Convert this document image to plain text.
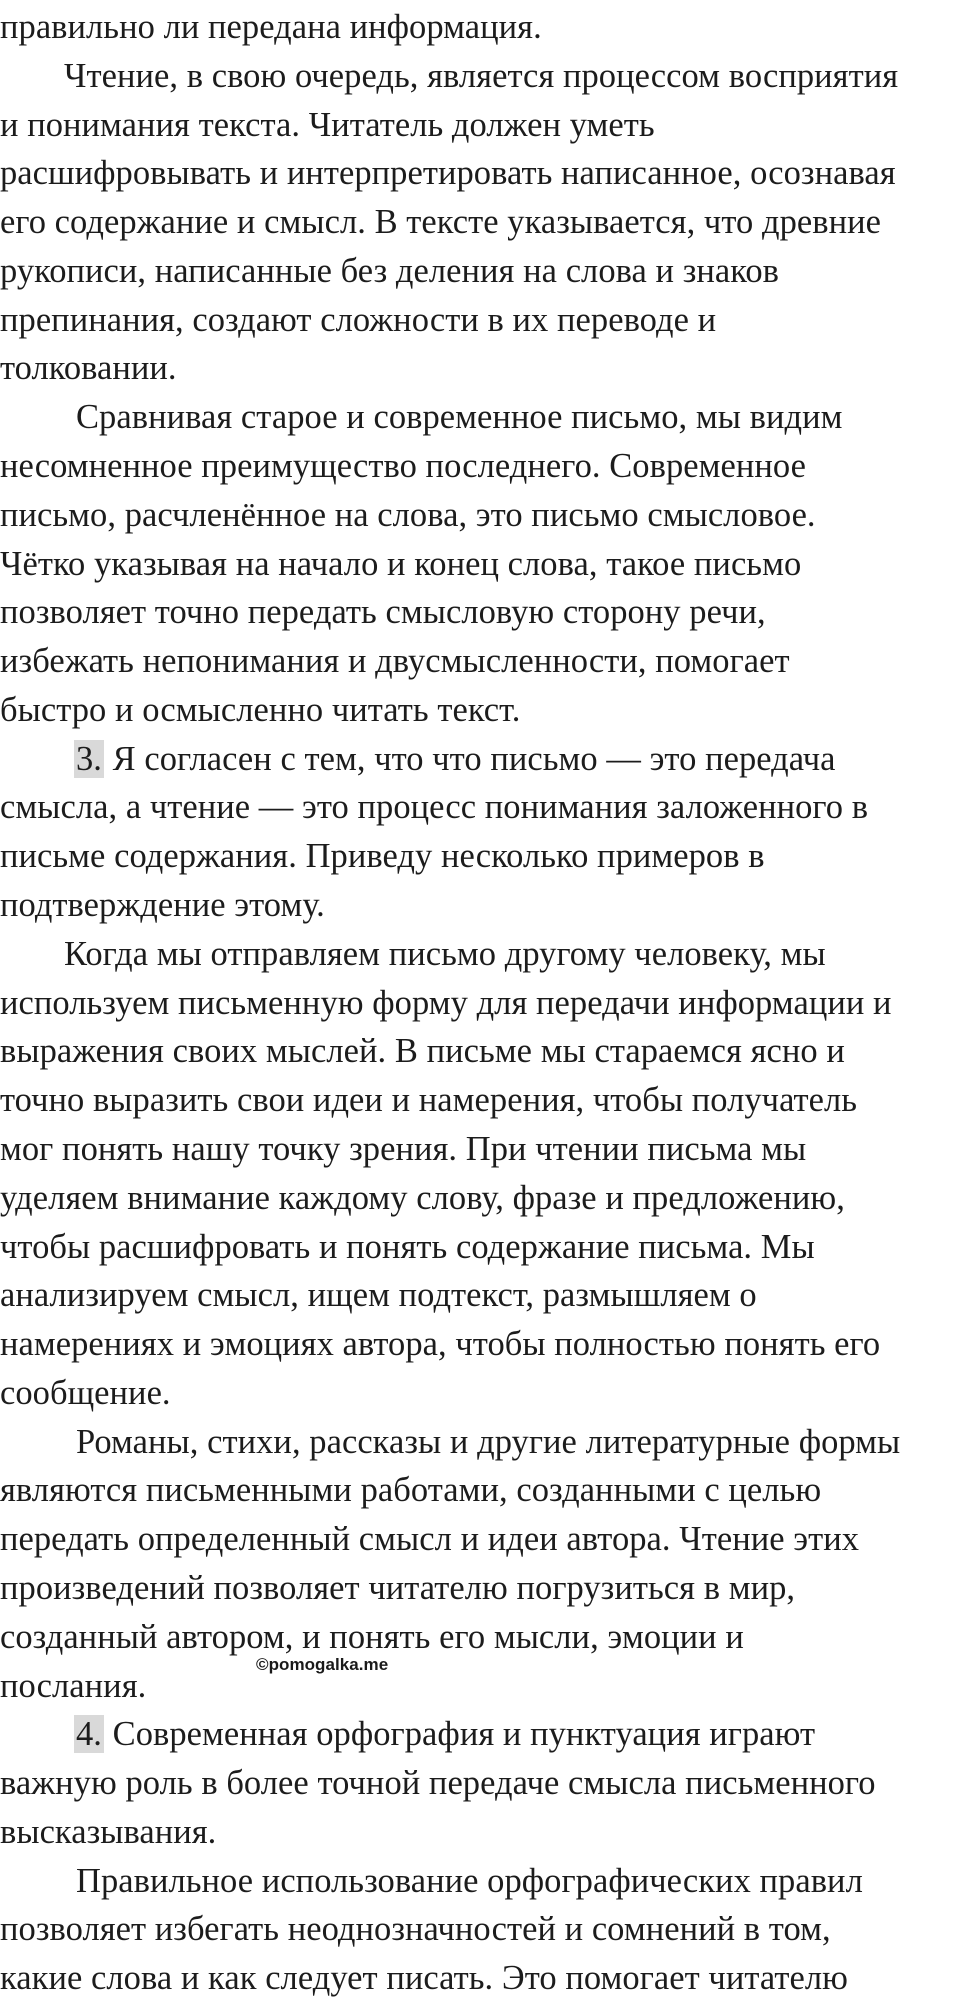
какие слова и как следует писать. Это помогает читателю
позволяет избегать неоднозначностей и сомнений в том,
Правильное использование орфографических правил
высказывания.
важную роль в более точной передаче смысла письменного
4. Современная орфография и пунктуация играют
послания.
созданный автором, и понять его мысли, эмоции и
произведений позволяет читателю погрузиться в мир,
передать определенный смысл и идеи автора. Чтение этих
являются письменными работами, созданными с целью
Романы, стихи, рассказы и другие литературные формы
сообщение.
намерениях и эмоциях автора, чтобы полностью понять его
анализируем смысл, ищем подтекст, размышляем о
чтобы расшифровать и понять содержание письма. Мы
уделяем внимание каждому слову, фразе и предложению,
мог понять нашу точку зрения. При чтении письма мы
точно выразить свои идеи и намерения, чтобы получатель
выражения своих мыслей. В письме мы стараемся ясно и
используем письменную форму для передачи информации и
Когда мы отправляем письмо другому человеку, мы
подтверждение этому.
письме содержания. Приведу несколько примеров в
смысла, а чтение — это процесс понимания заложенного в
3. Я согласен с тем, что что письмо — это передача
быстро и осмысленно читать текст.
избежать непонимания и двусмысленности, помогает
позволяет точно передать смысловую сторону речи,
Чётко указывая на начало и конец слова, такое письмо
письмо, расчленённое на слова, это письмо смысловое.
несомненное преимущество последнего. Современное
Сравнивая старое и современное письмо, мы видим
толковании.
препинания, создают сложности в их переводе и
рукописи, написанные без деления на слова и знаков
его содержание и смысл. В тексте указывается, что древние
расшифровывать и интерпретировать написанное, осознавая
и понимания текста. Читатель должен уметь
Чтение, в свою очередь, является процессом восприятия
правильно ли передана информация.
©pomogalka.me
